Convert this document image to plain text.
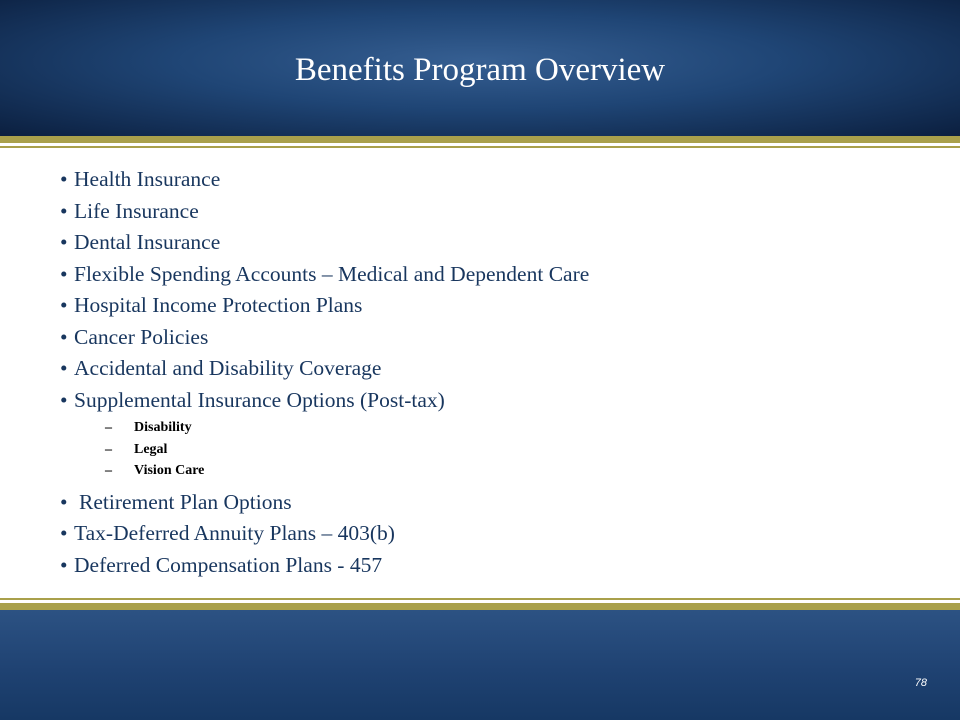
Benefits Program Overview
• Health Insurance
• Life Insurance
• Dental Insurance
• Flexible Spending Accounts – Medical and Dependent Care
• Hospital Income Protection Plans
• Cancer Policies
• Accidental and Disability Coverage
• Supplemental Insurance Options (Post-tax)
– Disability
– Legal
– Vision Care
• Retirement Plan Options
• Tax-Deferred Annuity Plans – 403(b)
• Deferred Compensation Plans - 457
78
